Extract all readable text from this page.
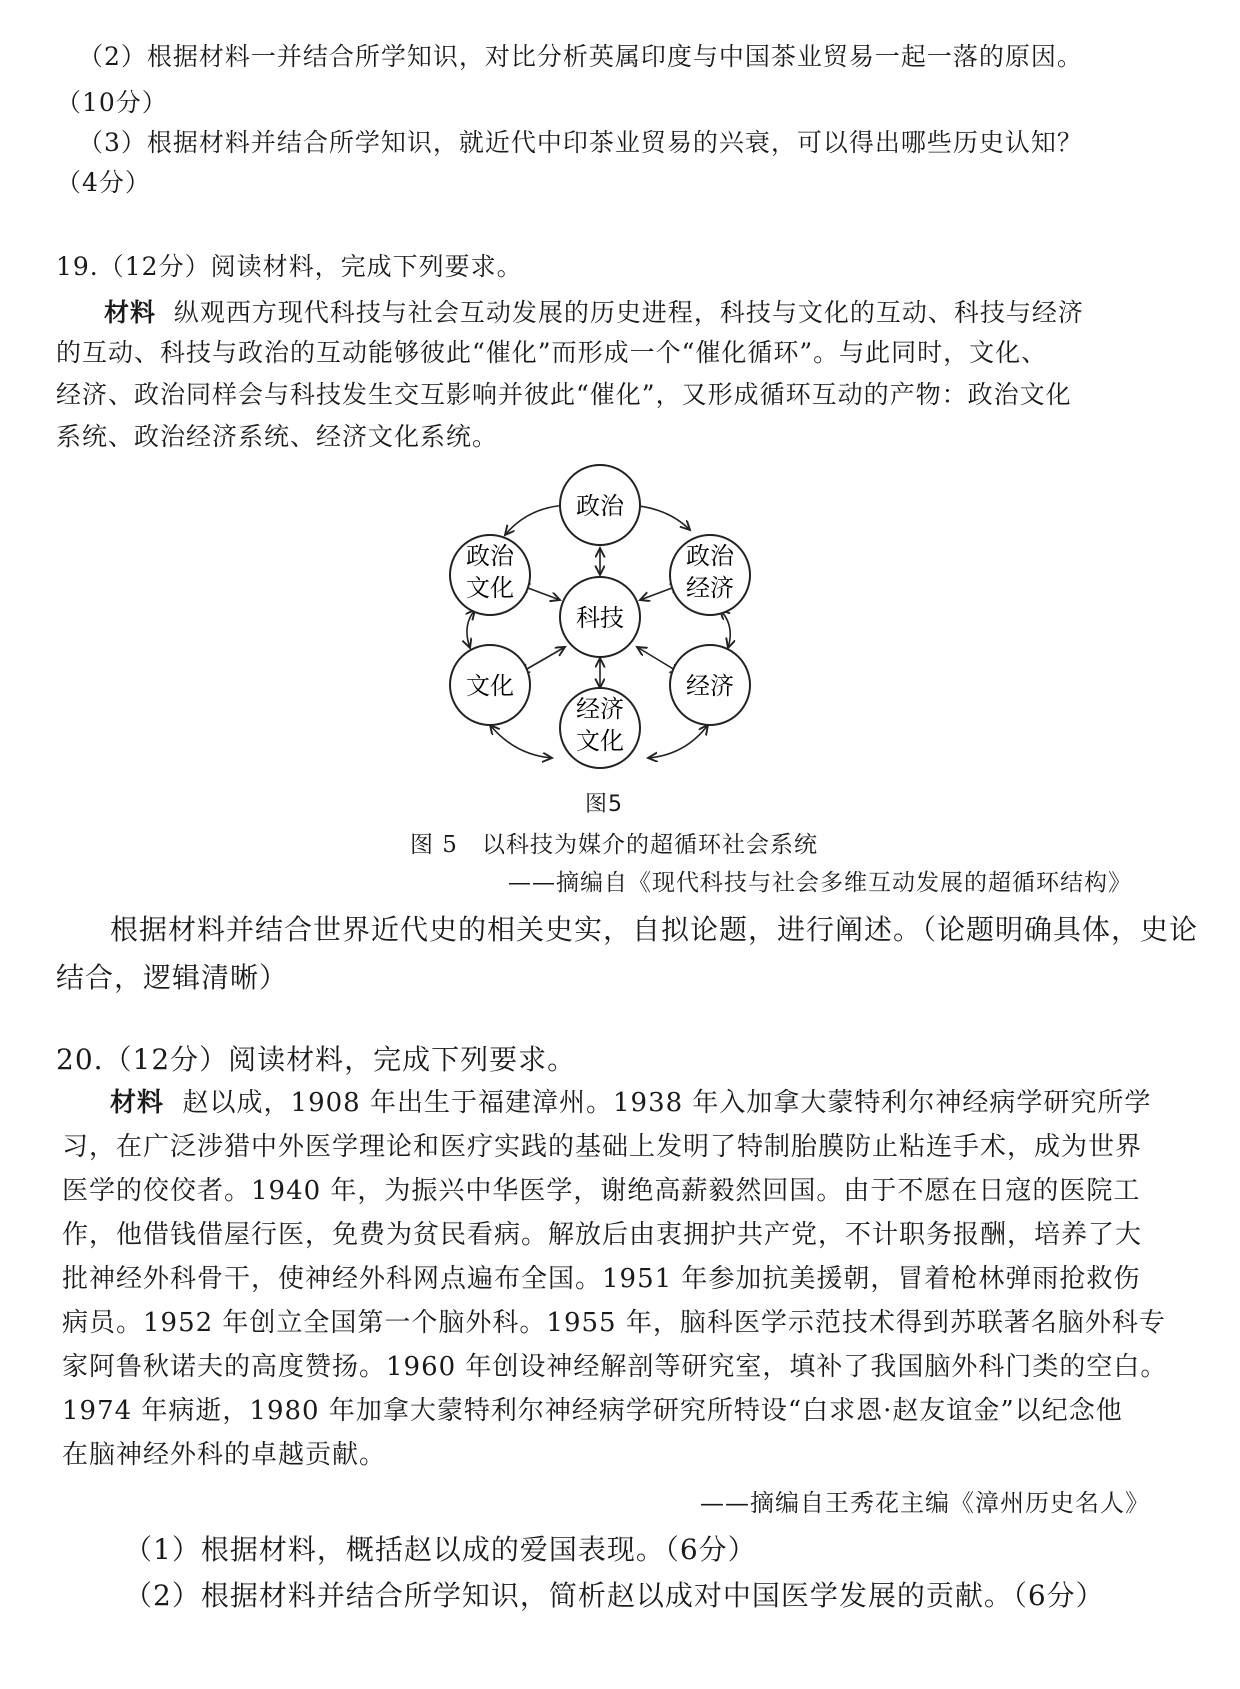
（2）根据材料一并结合所学知识，对比分析英属印度与中国茶业贸易一起一落的原因。
（10分）
（3）根据材料并结合所学知识，就近代中印茶业贸易的兴衰，可以得出哪些历史认知？
（4分）
19.（12分）阅读材料，完成下列要求。
材料 纵观西方现代科技与社会互动发展的历史进程，科技与文化的互动、科技与经济
的互动、科技与政治的互动能够彼此“催化”而形成一个“催化循环”。与此同时，文化、
经济、政治同样会与科技发生交互影响并彼此“催化”，又形成循环互动的产物：政治文化
系统、政治经济系统、经济文化系统。
政治
政治
文化
政治
经济
科技
文化	经济
经济
文化
图5
图 5　以科技为媒介的超循环社会系统
——摘编自《现代科技与社会多维互动发展的超循环结构》
根据材料并结合世界近代史的相关史实，自拟论题，进行阐述。（论题明确具体，史论
结合，逻辑清晰）
20.（12分）阅读材料，完成下列要求。
材料 赵以成，1908 年出生于福建漳州。1938 年入加拿大蒙特利尔神经病学研究所学
习，在广泛涉猎中外医学理论和医疗实践的基础上发明了特制胎膜防止粘连手术，成为世界
医学的佼佼者。1940 年，为振兴中华医学，谢绝高薪毅然回国。由于不愿在日寇的医院工
作，他借钱借屋行医，免费为贫民看病。解放后由衷拥护共产党，不计职务报酬，培养了大
批神经外科骨干，使神经外科网点遍布全国。1951 年参加抗美援朝，冒着枪林弹雨抢救伤
病员。1952 年创立全国第一个脑外科。1955 年，脑科医学示范技术得到苏联著名脑外科专
家阿鲁秋诺夫的高度赞扬。1960 年创设神经解剖等研究室，填补了我国脑外科门类的空白。
1974 年病逝，1980 年加拿大蒙特利尔神经病学研究所特设“白求恩·赵友谊金”以纪念他
在脑神经外科的卓越贡献。
——摘编自王秀花主编《漳州历史名人》
（1）根据材料，概括赵以成的爱国表现。（6分）
（2）根据材料并结合所学知识，简析赵以成对中国医学发展的贡献。（6分）
